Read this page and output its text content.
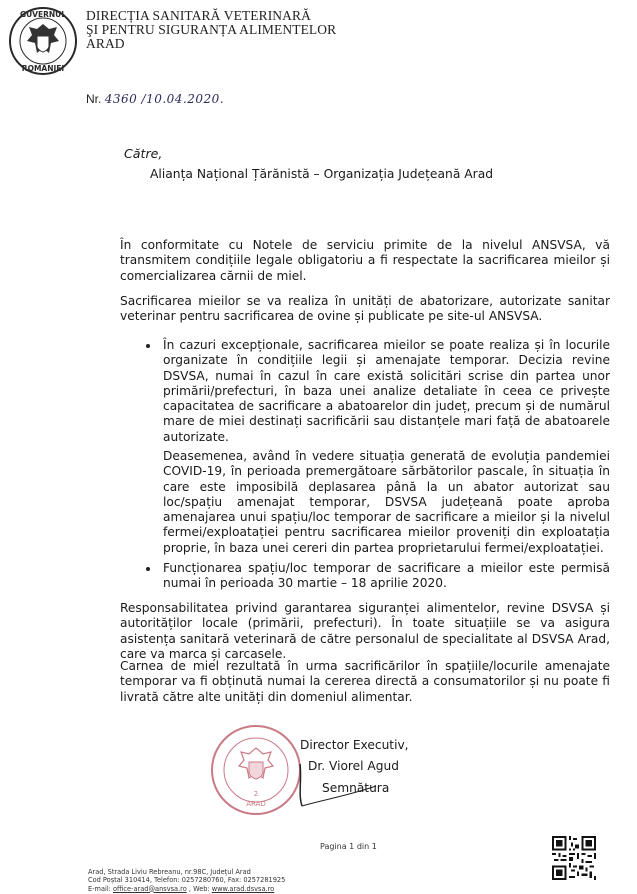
GUVERNUL
ROMÂNIEI
DIRECȚIA SANITARĂ VETERINARĂ
ŞI PENTRU SIGURANȚA ALIMENTELOR
ARAD
Nr. 4360 /10.04.2020.
Către,
Alianța Național Țărănistă – Organizația Județeană Arad

În conformitate cu Notele de serviciu primite de la nivelul ANSVSA, vă transmitem condițiile legale obligatoriu a fi respectate la sacrificarea mieilor și comercializarea cărnii de miel.

Sacrificarea mieilor se va realiza în unități de abatorizare, autorizate sanitar veterinar pentru sacrificarea de ovine și publicate pe site-ul ANSVSA.

În cazuri excepționale, sacrificarea mieilor se poate realiza și în locurile organizate în condițiile legii și amenajate temporar. Decizia revine DSVSA, numai în cazul în care există solicitări scrise din partea unor primării/prefecturi, în baza unei analize detaliate în ceea ce privește capacitatea de sacrificare a abatoarelor din județ, precum și de numărul mare de miei destinați sacrificării sau distanțele mari față de abatoarele autorizate.

Deasemenea, având în vedere situația generată de evoluția pandemiei COVID-19, în perioada premergătoare sărbătorilor pascale, în situația în care este imposibilă deplasarea până la un abator autorizat sau loc/spațiu amenajat temporar, DSVSA județeană poate aproba amenajarea unui spațiu/loc temporar de sacrificare a mieilor și la nivelul fermei/exploatației pentru sacrificarea mieilor proveniți din exploatația proprie, în baza unei cereri din partea proprietarului fermei/exploatației.

Funcționarea spațiu/loc temporar de sacrificare a mieilor este permisă numai în perioada 30 martie – 18 aprilie 2020.

Responsabilitatea privind garantarea siguranței alimentelor, revine DSVSA și autorităților locale (primării, prefecturi). În toate situațiile se va asigura asistența sanitară veterinară de către personalul de specialitate al DSVSA Arad, care va marca și carcasele.

Carnea de miel rezultată în urma sacrificărilor în spațiile/locurile amenajate temporar va fi obținută numai la cererea directă a consumatorilor și nu poate fi livrată către alte unități din domeniul alimentar.

2
ARAD
Director Executiv,
Dr. Viorel Agud
Semnătura
Pagina 1 din 1
Arad, Strada Liviu Rebreanu, nr.98C, Județul Arad
Cod Poștal 310414, Telefon: 0257280760, Fax: 0257281925
E-mail: office-arad@ansvsa.ro , Web: www.arad.dsvsa.ro
